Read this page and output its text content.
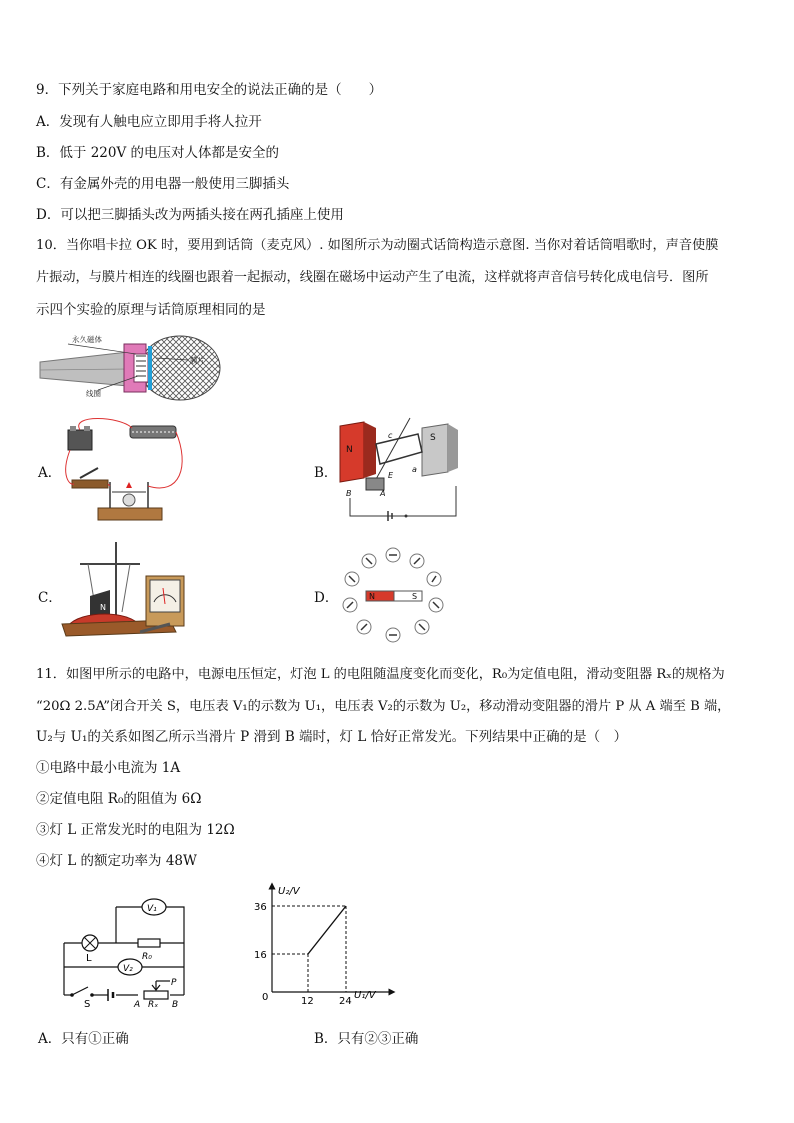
9．下列关于家庭电路和用电安全的说法正确的是（　　）
A．发现有人触电应立即用手将人拉开
B．低于 220V 的电压对人体都是安全的
C．有金属外壳的用电器一般使用三脚插头
D．可以把三脚插头改为两插头接在两孔插座上使用
10．当你唱卡拉 OK 时，要用到话筒（麦克风）. 如图所示为动圈式话筒构造示意图. 当你对着话筒唱歌时，声音使膜
片振动，与膜片相连的线圈也跟着一起振动，线圈在磁场中运动产生了电流，这样就将声音信号转化成电信号．图所
示四个实验的原理与话筒原理相同的是
永久磁体
膜片
线圈
A．	B．
N
S
c
a
B	A
E
C．
N
D．	N	S
11．如图甲所示的电路中，电源电压恒定，灯泡 L 的电阻随温度变化而变化，R₀为定值电阻，滑动变阻器 Rₓ的规格为
“20Ω 2.5A”闭合开关 S，电压表 V₁的示数为 U₁，电压表 V₂的示数为 U₂，移动滑动变阻器的滑片 P 从 A 端至 B 端，
U₂与 U₁的关系如图乙所示当滑片 P 滑到 B 端时，灯 L 恰好正常发光。下列结果中正确的是（　）
①电路中最小电流为 1A
②定值电阻 R₀的阻值为 6Ω
③灯 L 正常发光时的电阻为 12Ω
④灯 L 的额定功率为 48W
V₁
V₂
L	R₀
S
P
A Rₓ B
U₂/V
U₁/V
0
36
16
12	24
A．只有①正确	B．只有②③正确
